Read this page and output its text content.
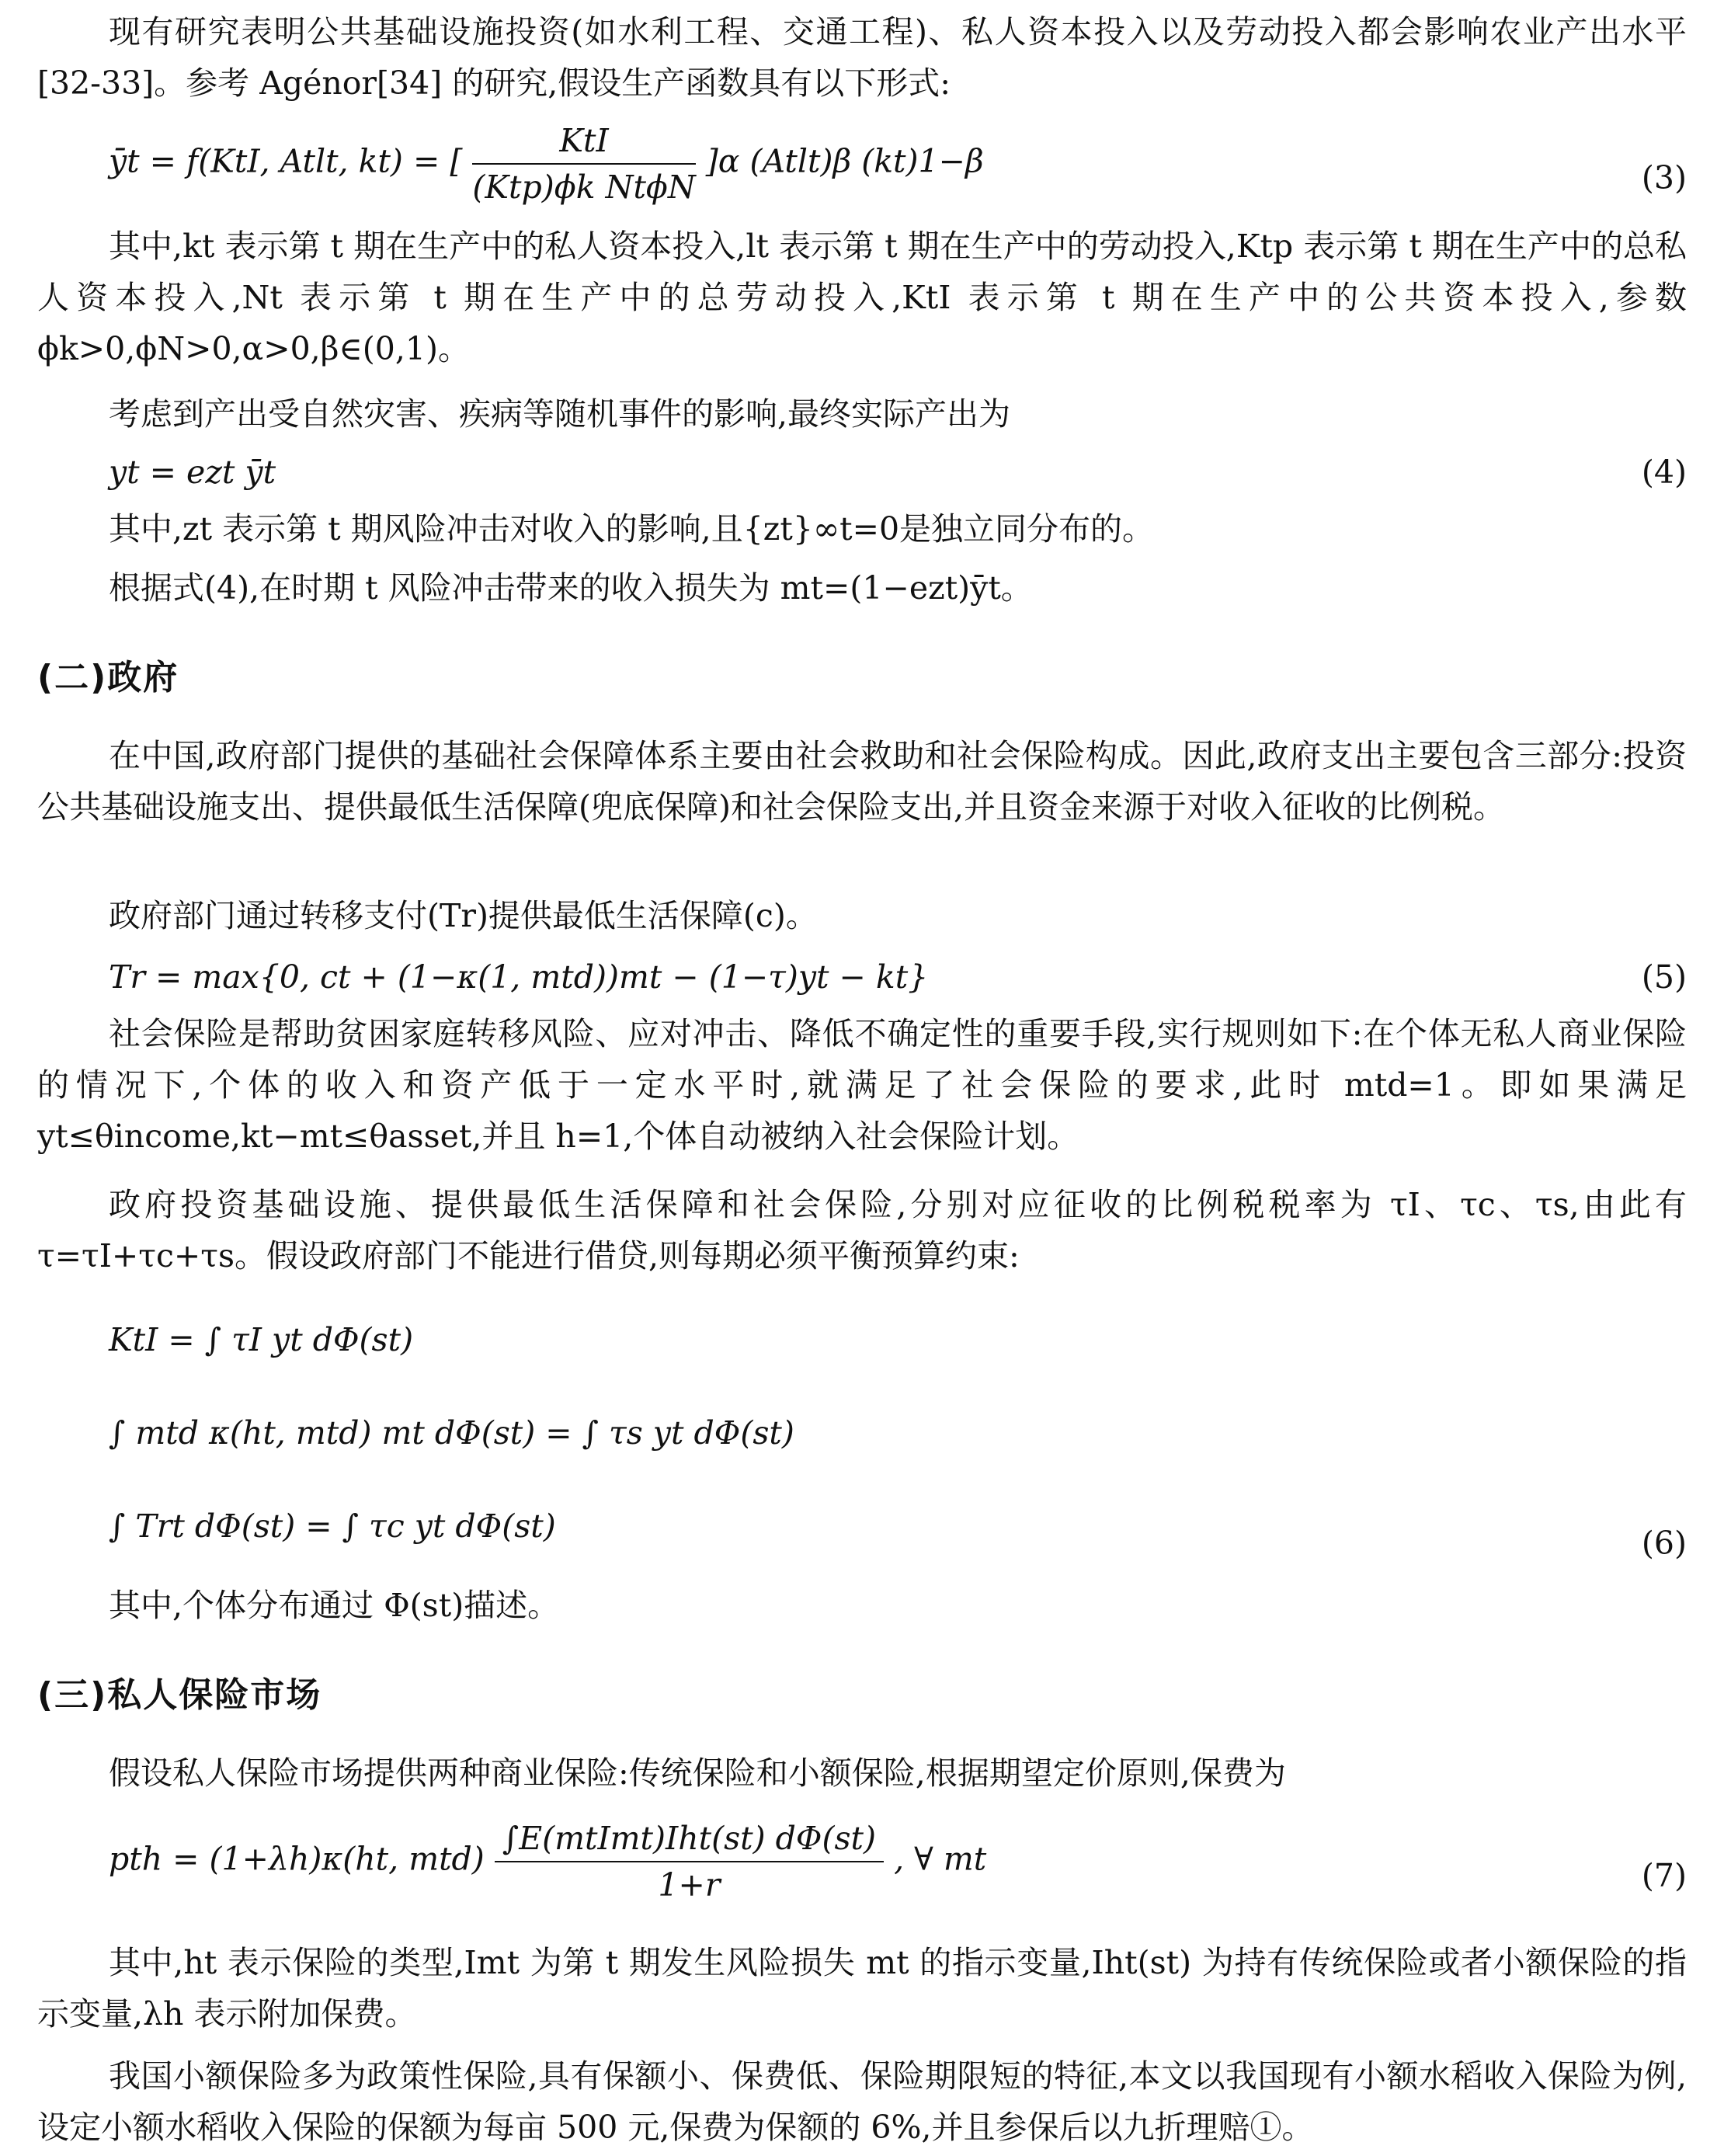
现有研究表明公共基础设施投资(如水利工程、交通工程)、私人资本投入以及劳动投入都会影响农业产出水平[32-33]。参考 Agénor[34] 的研究,假设生产函数具有以下形式:
ȳt = f(KtI, Atlt, kt) = [ $\frac{\text{KtI}}{\text{(Ktp)ϕk NtϕN}} ]\alpha$ (Atlt)β (kt)1−β	(3)
其中,kt 表示第 t 期在生产中的私人资本投入,lt 表示第 t 期在生产中的劳动投入,Ktp 表示第 t 期在生产中的总私人资本投入,Nt 表示第 t 期在生产中的总劳动投入,KtI 表示第 t 期在生产中的公共资本投入,参数 ϕk>0,ϕN>0,α>0,β∈(0,1)。
考虑到产出受自然灾害、疾病等随机事件的影响,最终实际产出为
yt = ezt ȳt	(4)
其中,zt 表示第 t 期风险冲击对收入的影响,且{zt}∞t=0是独立同分布的。
根据式(4),在时期 t 风险冲击带来的收入损失为 mt=(1−ezt)ȳt。
(二)政府
在中国,政府部门提供的基础社会保障体系主要由社会救助和社会保险构成。因此,政府支出主要包含三部分:投资公共基础设施支出、提供最低生活保障(兜底保障)和社会保险支出,并且资金来源于对收入征收的比例税。
政府部门通过转移支付(Tr)提供最低生活保障(c)。
Tr = max{0, ct + (1−κ(1, mtd))mt − (1−τ)yt − kt}	(5)
社会保险是帮助贫困家庭转移风险、应对冲击、降低不确定性的重要手段,实行规则如下:在个体无私人商业保险的情况下,个体的收入和资产低于一定水平时,就满足了社会保险的要求,此时 mtd=1。即如果满足 yt≤θincome,kt−mt≤θasset,并且 h=1,个体自动被纳入社会保险计划。
政府投资基础设施、提供最低生活保障和社会保险,分别对应征收的比例税税率为 τI、τc、τs,由此有 τ=τI+τc+τs。假设政府部门不能进行借贷,则每期必须平衡预算约束:
KtI = ∫ τI yt dΦ(st)
∫ mtd κ(ht, mtd) mt dΦ(st) = ∫ τs yt dΦ(st)
∫ Trt dΦ(st) = ∫ τc yt dΦ(st)	(6)
其中,个体分布通过 Φ(st)描述。
(三)私人保险市场
假设私人保险市场提供两种商业保险:传统保险和小额保险,根据期望定价原则,保费为
pth = (1+λh)κ(ht, $mtd) \frac{\text{∫E(mtImt)Iht(st) dΦ(st)}}{1+r}$ , ∀ mt	(7)
其中,ht 表示保险的类型,Imt 为第 t 期发生风险损失 mt 的指示变量,Iht(st) 为持有传统保险或者小额保险的指示变量,λh 表示附加保费。
我国小额保险多为政策性保险,具有保额小、保费低、保险期限短的特征,本文以我国现有小额水稻收入保险为例,设定小额水稻收入保险的保额为每亩 500 元,保费为保额的 6%,并且参保后以九折理赔①。
